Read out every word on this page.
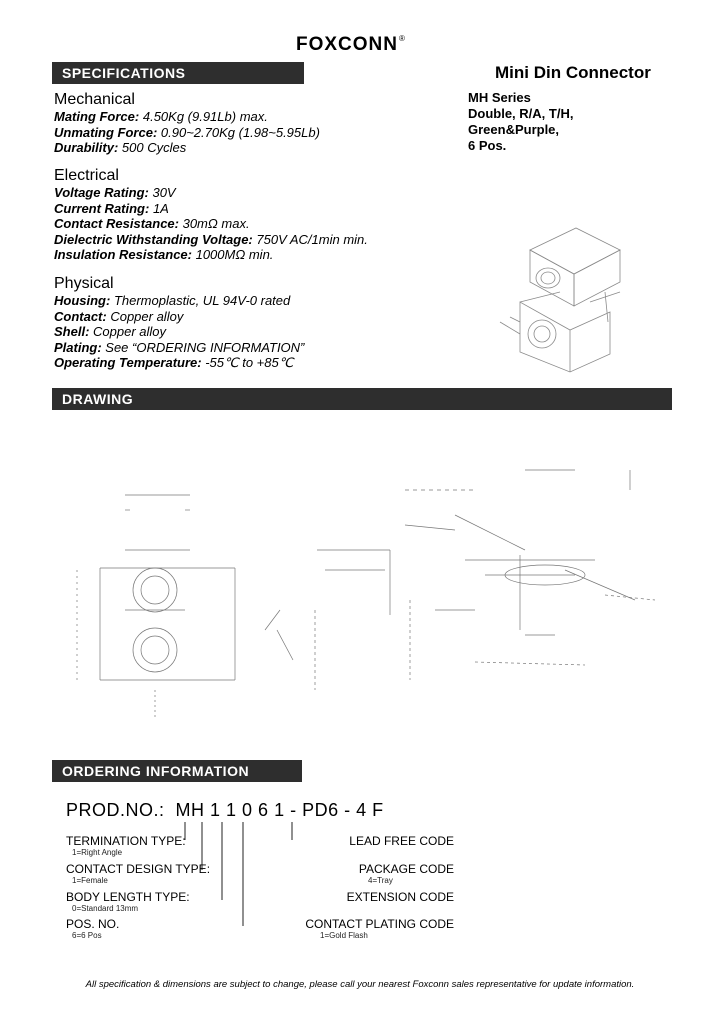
FOXCONN®
SPECIFICATIONS	Mini Din Connector
MH Series
Double, R/A, T/H,
Green&Purple,
6 Pos.
Mechanical
Mating Force: 4.50Kg (9.91Lb) max.
Unmating Force: 0.90~2.70Kg (1.98~5.95Lb)
Durability: 500 Cycles
Electrical
Voltage Rating: 30V
Current Rating: 1A
Contact Resistance: 30mΩ max.
Dielectric Withstanding Voltage: 750V AC/1min min.
Insulation Resistance: 1000MΩ min.
Physical
Housing: Thermoplastic, UL 94V-0 rated
Contact: Copper alloy
Shell: Copper alloy
Plating: See “ORDERING INFORMATION”
Operating Temperature: -55℃ to +85℃
DRAWING
ORDERING INFORMATION
PROD.NO.: MH 1 1 0 6 1 - PD6 - 4 F
TERMINATION TYPE:
1=Right Angle
CONTACT DESIGN TYPE:
1=Female
BODY LENGTH TYPE:
0=Standard 13mm
POS. NO.
6=6 Pos
LEAD FREE CODE
PACKAGE CODE
4=Tray
EXTENSION CODE
CONTACT PLATING CODE
1=Gold Flash
All specification & dimensions are subject to change, please call your nearest Foxconn sales representative for update information.
